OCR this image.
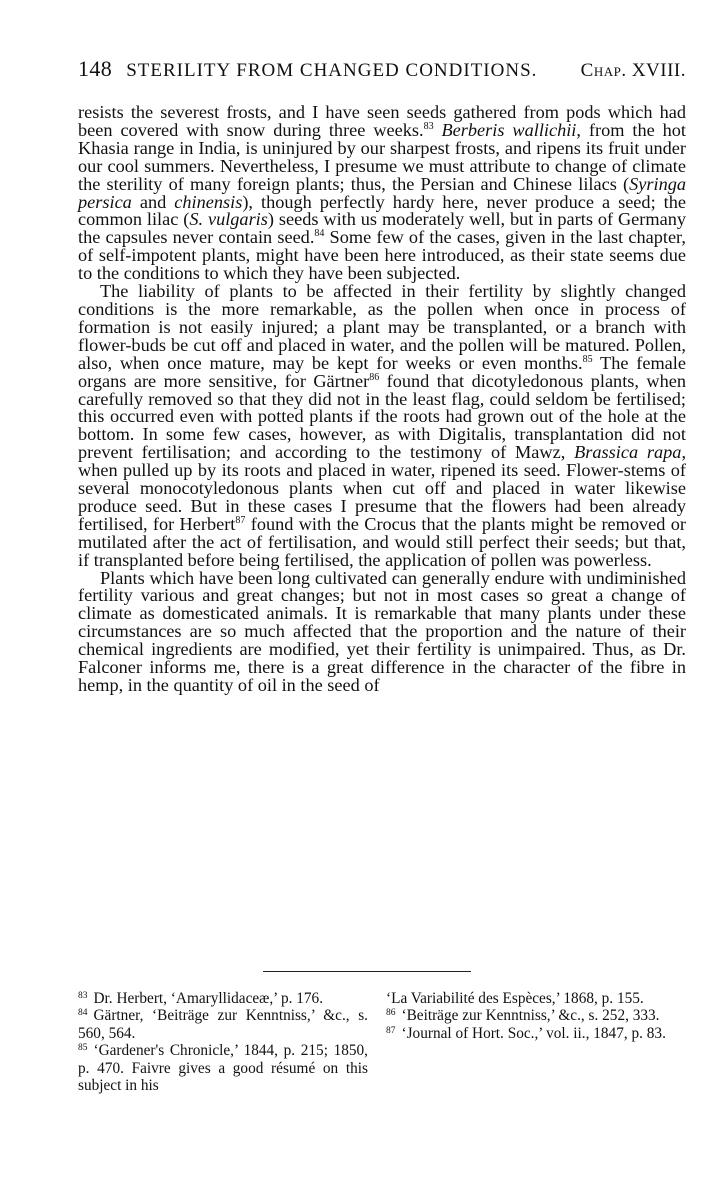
148 STERILITY FROM CHANGED CONDITIONS. Chap. XVIII.

resists the severest frosts, and I have seen seeds gathered from pods which had been covered with snow during three weeks.$^{83}$ Berberis wallichii, from the hot Khasia range in India, is uninjured by our sharpest frosts, and ripens its fruit under our cool summers. Nevertheless, I presume we must attribute to change of climate the sterility of many foreign plants; thus, the Persian and Chinese lilacs (Syringa persica and chinensis), though perfectly hardy here, never produce a seed; the common lilac (S. vulgaris) seeds with us moderately well, but in parts of Germany the capsules never contain seed.$^{84}$ Some few of the cases, given in the last chapter, of self-impotent plants, might have been here introduced, as their state seems due to the conditions to which they have been subjected.

The liability of plants to be affected in their fertility by slightly changed conditions is the more remarkable, as the pollen when once in process of formation is not easily injured; a plant may be transplanted, or a branch with flower-buds be cut off and placed in water, and the pollen will be matured. Pollen, also, when once mature, may be kept for weeks or even months.$^{85}$ The female organs are more sensitive, for Gärtner$^{86}$ found that dicotyledonous plants, when carefully removed so that they did not in the least flag, could seldom be fertilised; this occurred even with potted plants if the roots had grown out of the hole at the bottom. In some few cases, however, as with Digitalis, transplantation did not prevent fertilisation; and according to the testimony of Mawz, Brassica rapa, when pulled up by its roots and placed in water, ripened its seed. Flower-stems of several monocotyledonous plants when cut off and placed in water likewise produce seed. But in these cases I presume that the flowers had been already fertilised, for Herbert$^{87}$ found with the Crocus that the plants might be removed or mutilated after the act of fertilisation, and would still perfect their seeds; but that, if transplanted before being fertilised, the application of pollen was powerless.

Plants which have been long cultivated can generally endure with undiminished fertility various and great changes; but not in most cases so great a change of climate as domesticated animals. It is remarkable that many plants under these circumstances are so much affected that the proportion and the nature of their chemical ingredients are modified, yet their fertility is unimpaired. Thus, as Dr. Falconer informs me, there is a great difference in the character of the fibre in hemp, in the quantity of oil in the seed of

$^{83}$ Dr. Herbert, ‘Amaryllidaceæ,’ p. 176.

$^{84}$ Gärtner, ‘Beiträge zur Kenntniss,’ &c., s. 560, 564.

$^{85}$ ‘Gardener's Chronicle,’ 1844, p. 215; 1850, p. 470. Faivre gives a good résumé on this subject in his

‘La Variabilité des Espèces,’ 1868, p. 155.

$^{86}$ ‘Beiträge zur Kenntniss,’ &c., s. 252, 333.

$^{87}$ ‘Journal of Hort. Soc.,’ vol. ii., 1847, p. 83.
